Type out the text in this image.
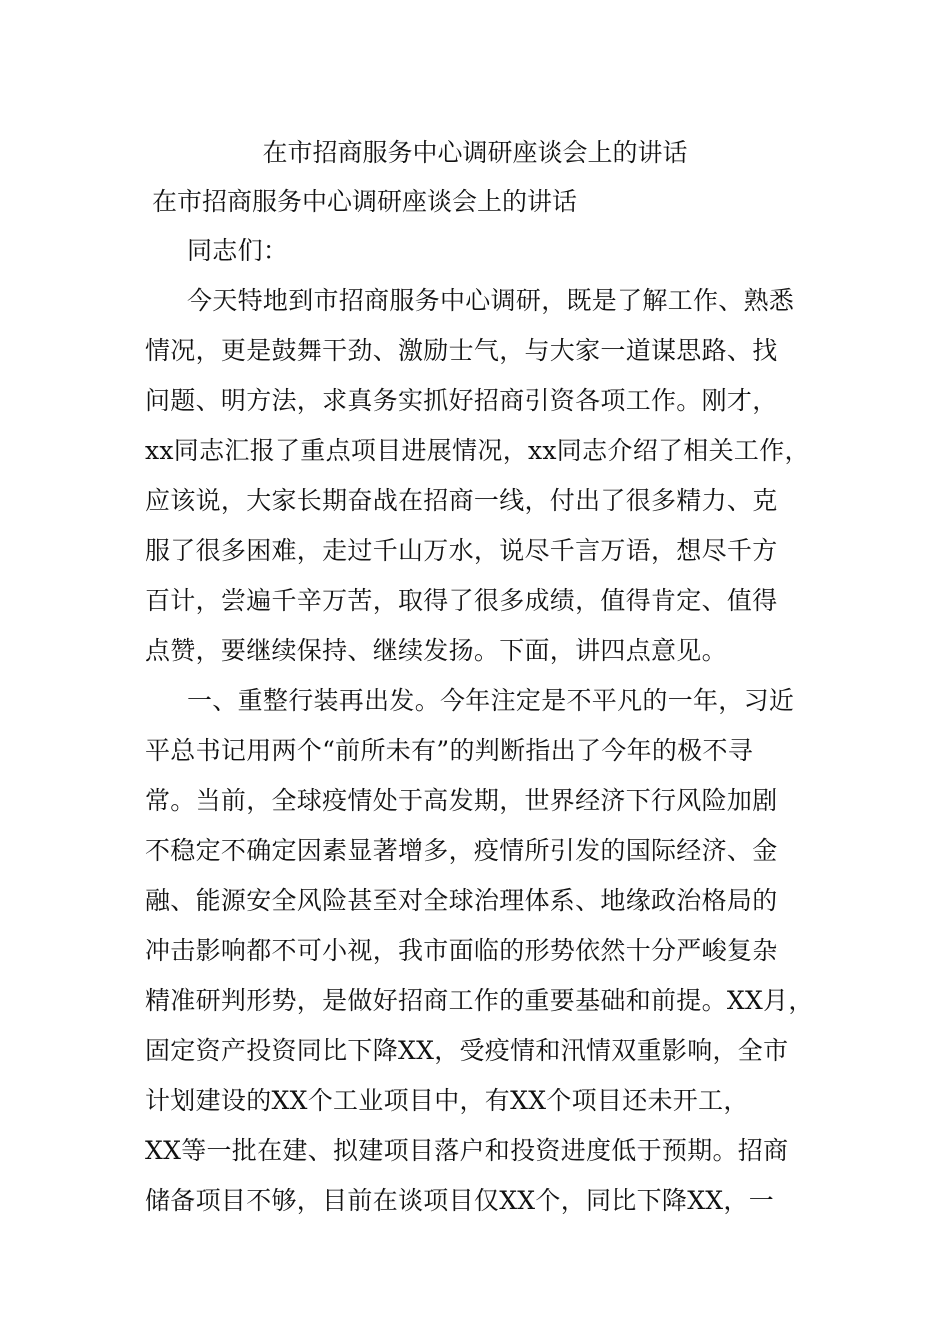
在市招商服务中心调研座谈会上的讲话
在市招商服务中心调研座谈会上的讲话
同志们：
今天特地到市招商服务中心调研，既是了解工作、熟悉
情况，更是鼓舞干劲、激励士气，与大家一道谋思路、找
问题、明方法，求真务实抓好招商引资各项工作。刚才，
xx同志汇报了重点项目进展情况，xx同志介绍了相关工作，
应该说，大家长期奋战在招商一线，付出了很多精力、克
服了很多困难，走过千山万水，说尽千言万语，想尽千方
百计，尝遍千辛万苦，取得了很多成绩，值得肯定、值得
点赞，要继续保持、继续发扬。下面，讲四点意见。
一、重整行装再出发。今年注定是不平凡的一年，习近
平总书记用两个“前所未有”的判断指出了今年的极不寻
常。当前，全球疫情处于高发期，世界经济下行风险加剧
不稳定不确定因素显著增多，疫情所引发的国际经济、金
融、能源安全风险甚至对全球治理体系、地缘政治格局的
冲击影响都不可小视，我市面临的形势依然十分严峻复杂
精准研判形势，是做好招商工作的重要基础和前提。XX月，
固定资产投资同比下降XX，受疫情和汛情双重影响，全市
计划建设的XX个工业项目中，有XX个项目还未开工，
XX等一批在建、拟建项目落户和投资进度低于预期。招商
储备项目不够，目前在谈项目仅XX个，同比下降XX，一
